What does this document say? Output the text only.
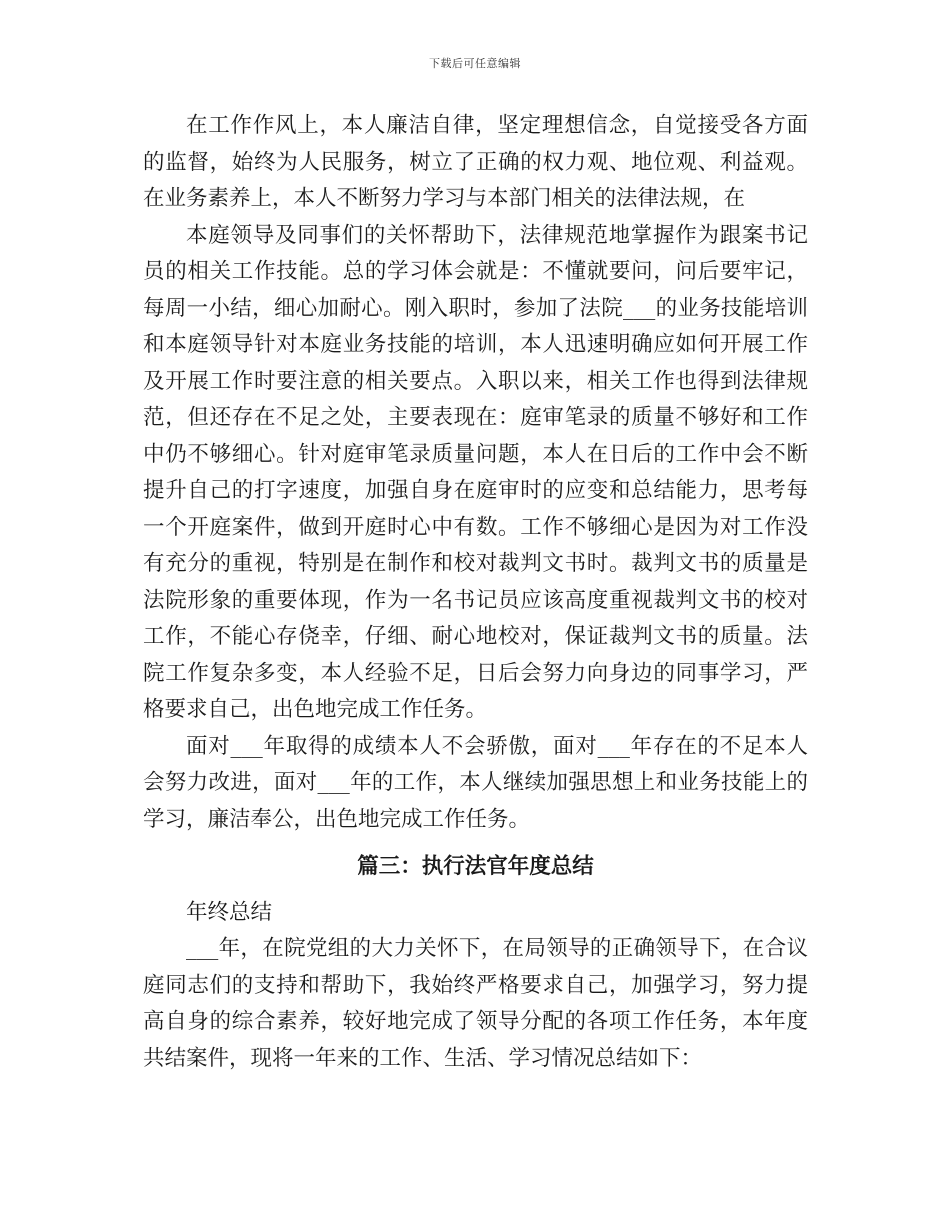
下载后可任意编辑
在工作作风上，本人廉洁自律，坚定理想信念，自觉接受各方面
的监督，始终为人民服务，树立了正确的权力观、地位观、利益观。
在业务素养上，本人不断努力学习与本部门相关的法律法规，在
本庭领导及同事们的关怀帮助下，法律规范地掌握作为跟案书记
员的相关工作技能。总的学习体会就是：不懂就要问，问后要牢记，
每周一小结，细心加耐心。刚入职时，参加了法院___的业务技能培训
和本庭领导针对本庭业务技能的培训，本人迅速明确应如何开展工作
及开展工作时要注意的相关要点。入职以来，相关工作也得到法律规
范，但还存在不足之处，主要表现在：庭审笔录的质量不够好和工作
中仍不够细心。针对庭审笔录质量问题，本人在日后的工作中会不断
提升自己的打字速度，加强自身在庭审时的应变和总结能力，思考每
一个开庭案件，做到开庭时心中有数。工作不够细心是因为对工作没
有充分的重视，特别是在制作和校对裁判文书时。裁判文书的质量是
法院形象的重要体现，作为一名书记员应该高度重视裁判文书的校对
工作，不能心存侥幸，仔细、耐心地校对，保证裁判文书的质量。法
院工作复杂多变，本人经验不足，日后会努力向身边的同事学习，严
格要求自己，出色地完成工作任务。
面对___年取得的成绩本人不会骄傲，面对___年存在的不足本人
会努力改进，面对___年的工作，本人继续加强思想上和业务技能上的
学习，廉洁奉公，出色地完成工作任务。
篇三：执行法官年度总结
年终总结
___年，在院党组的大力关怀下，在局领导的正确领导下，在合议
庭同志们的支持和帮助下，我始终严格要求自己，加强学习，努力提
高自身的综合素养，较好地完成了领导分配的各项工作任务，本年度
共结案件，现将一年来的工作、生活、学习情况总结如下：
